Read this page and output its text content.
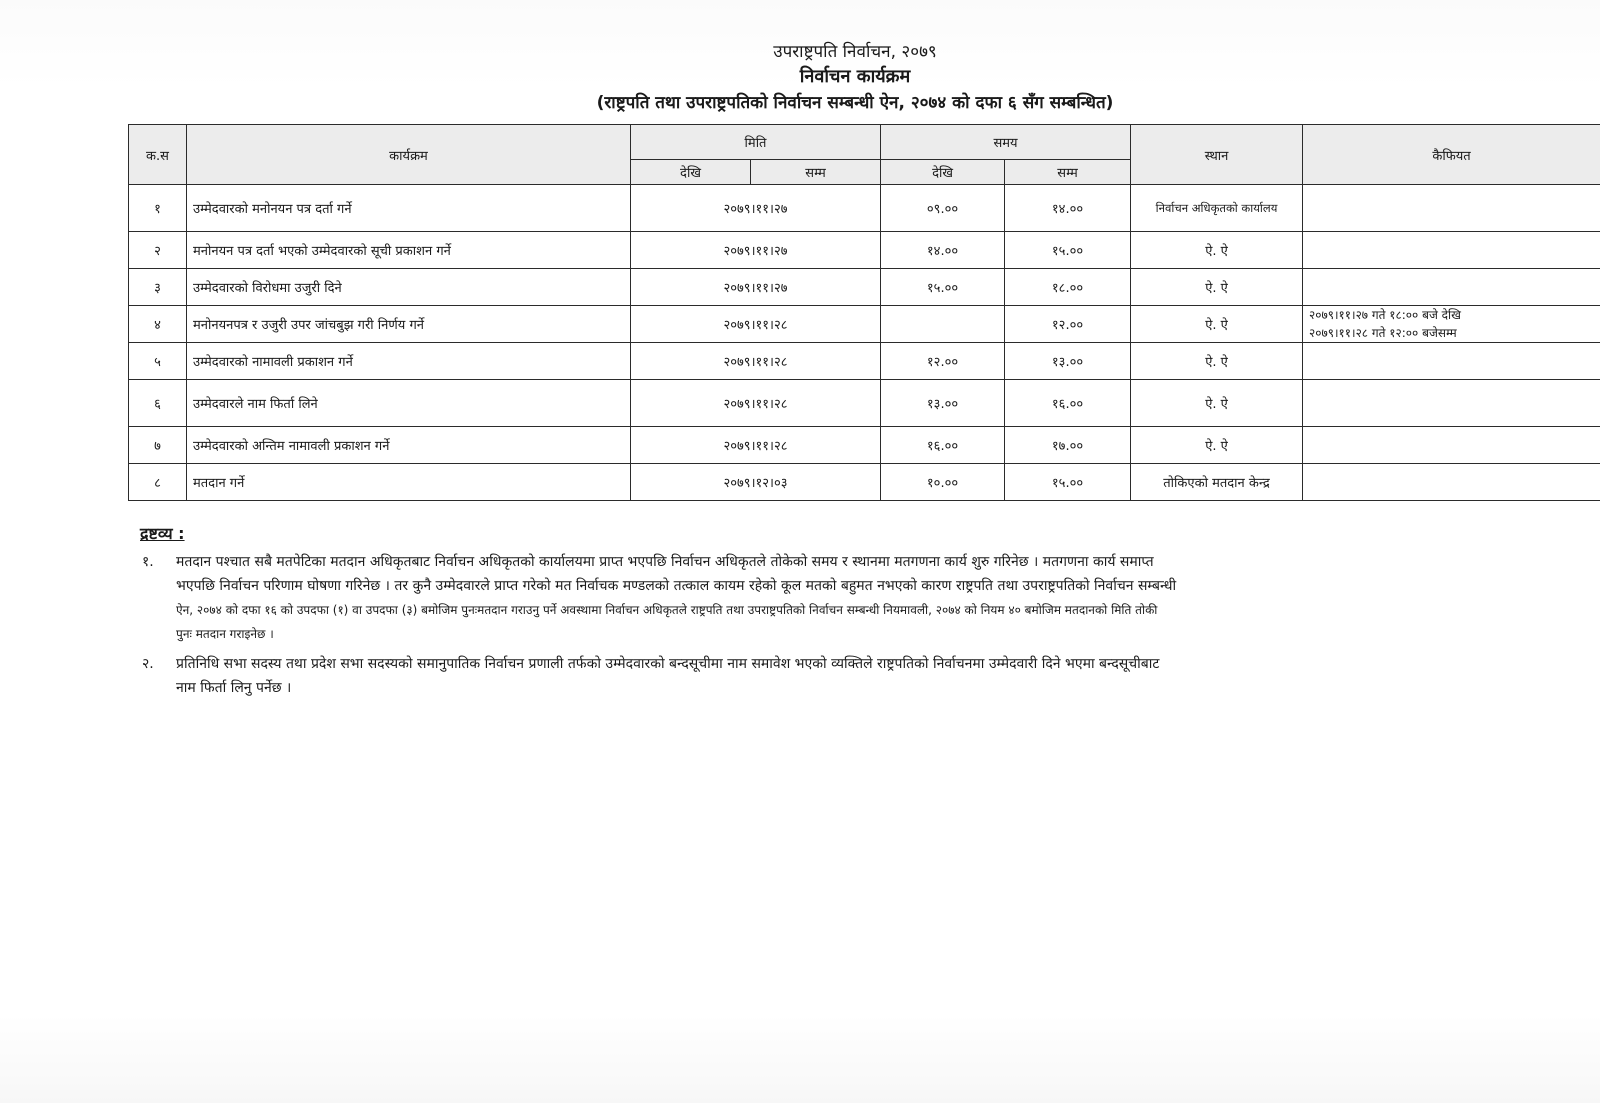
उपराष्ट्रपति निर्वाचन, २०७९
निर्वाचन कार्यक्रम
(राष्ट्रपति तथा उपराष्ट्रपतिको निर्वाचन सम्बन्धी ऐन, २०७४ को दफा ६ सँग सम्बन्धित)
क.स	कार्यक्रम	मिति		समय		स्थान	कैफियत
		देखि	सम्म	देखि	सम्म		
१	उम्मेदवारको मनोनयन पत्र दर्ता गर्ने	२०७९।११।२७		०९.००	१४.००	निर्वाचन अधिकृतको कार्यालय	
२	मनोनयन पत्र दर्ता भएको उम्मेदवारको सूची प्रकाशन गर्ने	२०७९।११।२७		१४.००	१५.००	ऐ. ऐ	
३	उम्मेदवारको विरोधमा उजुरी दिने	२०७९।११।२७		१५.००	१८.००	ऐ. ऐ	
४	मनोनयनपत्र र उजुरी उपर जांचबुझ गरी निर्णय गर्ने	२०७९।११।२८			१२.००	ऐ. ऐ	२०७९।११।२७ गते १८:०० बजे देखि
२०७९।११।२८ गते १२:०० बजेसम्म

५	उम्मेदवारको नामावली प्रकाशन गर्ने	२०७९।११।२८		१२.००	१३.००	ऐ. ऐ	
६	उम्मेदवारले नाम फिर्ता लिने	२०७९।११।२८		१३.००	१६.००	ऐ. ऐ	
७	उम्मेदवारको अन्तिम नामावली प्रकाशन गर्ने	२०७९।११।२८		१६.००	१७.००	ऐ. ऐ	
८	मतदान गर्ने	२०७९।१२।०३		१०.००	१५.००	तोकिएको मतदान केन्द्र	
द्रष्टव्य :
१. मतदान पश्चात सबै मतपेटिका मतदान अधिकृतबाट निर्वाचन अधिकृतको कार्यालयमा प्राप्त भएपछि निर्वाचन अधिकृतले तोकेको समय र स्थानमा मतगणना कार्य शुरु गरिनेछ । मतगणना कार्य समाप्त
भएपछि निर्वाचन परिणाम घोषणा गरिनेछ । तर कुनै उम्मेदवारले प्राप्त गरेको मत निर्वाचक मण्डलको तत्काल कायम रहेको कूल मतको बहुमत नभएको कारण राष्ट्रपति तथा उपराष्ट्रपतिको निर्वाचन सम्बन्धी
ऐन, २०७४ को दफा १६ को उपदफा (१) वा उपदफा (३) बमोजिम पुनःमतदान गराउनु पर्ने अवस्थामा निर्वाचन अधिकृतले राष्ट्रपति तथा उपराष्ट्रपतिको निर्वाचन सम्बन्धी नियमावली, २०७४ को नियम ४० बमोजिम मतदानको मिति तोकी
पुनः मतदान गराइनेछ ।
२. प्रतिनिधि सभा सदस्य तथा प्रदेश सभा सदस्यको समानुपातिक निर्वाचन प्रणाली तर्फको उम्मेदवारको बन्दसूचीमा नाम समावेश भएको व्यक्तिले राष्ट्रपतिको निर्वाचनमा उम्मेदवारी दिने भएमा बन्दसूचीबाट
नाम फिर्ता लिनु पर्नेछ ।
